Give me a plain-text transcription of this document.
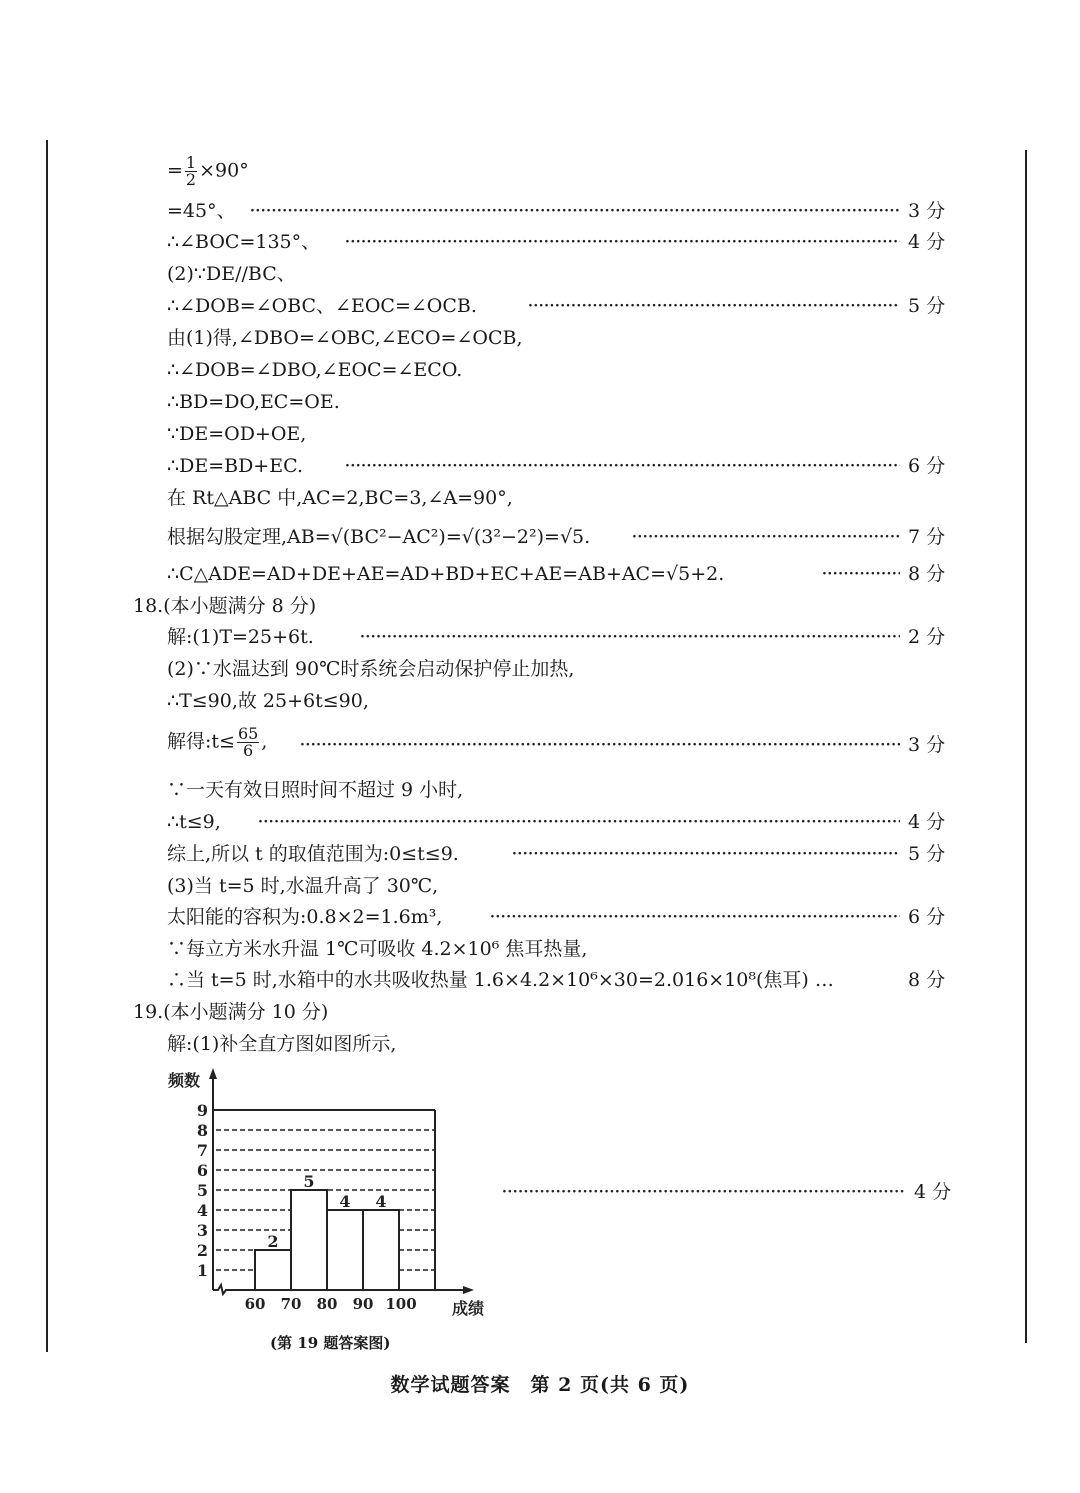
= $\frac{1}{2} \times 90^\circ$
=45°、 ·····	3 分
∴∠BOC=135°、 ·····	4 分
(2)∵DE//BC、
∴∠DOB=∠OBC、∠EOC=∠OCB. ·····	5 分
由(1)得,∠DBO=∠OBC,∠ECO=∠OCB,
∴∠DOB=∠DBO,∠EOC=∠ECO.
∴BD=DO,EC=OE.
∵DE=OD+OE,
∴DE=BD+EC. ·····	6 分
在 Rt△ABC 中,AC=2,BC=3,∠A=90°,
根据勾股定理,AB=√(BC²−AC²)=√(3²−2²)=√5. ·····	7 分
∴C△ADE=AD+DE+AE=AD+BD+EC+AE=AB+AC=√5+2. ·····	8 分
18.(本小题满分 8 分)
解:(1)T=25+6t. ·····	2 分
(2)∵水温达到 90℃时系统会启动保护停止加热,
∴T≤90,故 25+6t≤90,
解得:t≤ $\frac{65}{6}$ , ·····	3 分
∵一天有效日照时间不超过 9 小时,
∴t≤9, ·····	4 分
综上,所以 t 的取值范围为:0≤t≤9. ·····	5 分
(3)当 t=5 时,水温升高了 30℃,
太阳能的容积为:0.8×2=1.6m³, ·····	6 分
∵每立方米水升温 1℃可吸收 4.2×10⁶ 焦耳热量,
∴当 t=5 时,水箱中的水共吸收热量 1.6×4.2×10⁶×30=2.016×10⁸(焦耳) …	8 分
19.(本小题满分 10 分)
解:(1)补全直方图如图所示,
·····
4 分
1
2
3
4
5
6
7
8
9
60 70 80 90 100
2
5
4 4
频数
成绩
(第 19 题答案图)
数学试题答案　第 2 页(共 6 页)
